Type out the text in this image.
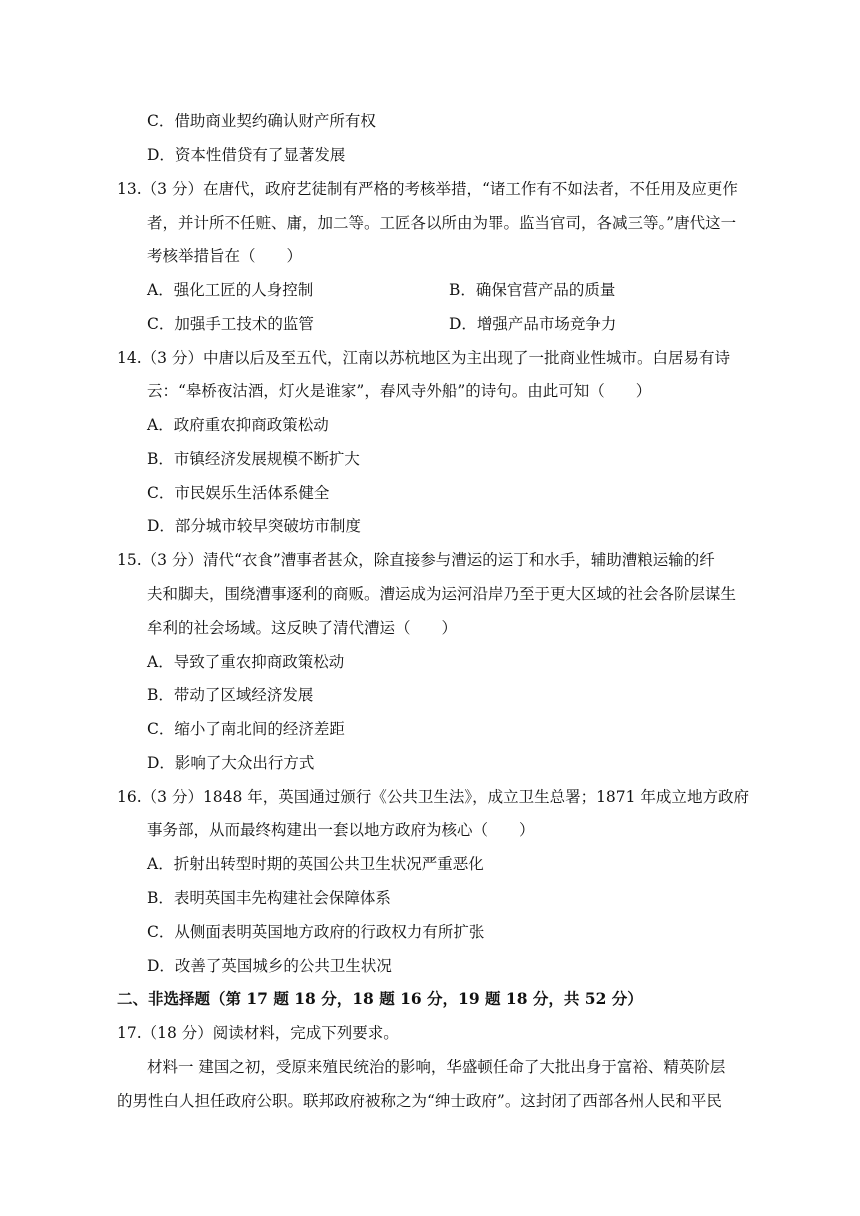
C．借助商业契约确认财产所有权
D．资本性借贷有了显著发展
13.（3 分）在唐代，政府艺徒制有严格的考核举措，“诸工作有不如法者，不任用及应更作
者，并计所不任赃、庸，加二等。工匠各以所由为罪。监当官司，各减三等。”唐代这一
考核举措旨在（　　）
A．强化工匠的人身控制	B．确保官营产品的质量
C．加强手工技术的监管	D．增强产品市场竞争力
14.（3 分）中唐以后及至五代，江南以苏杭地区为主出现了一批商业性城市。白居易有诗
云：“皋桥夜沽酒，灯火是谁家”，春风寺外船”的诗句。由此可知（　　）
A．政府重农抑商政策松动
B．市镇经济发展规模不断扩大
C．市民娱乐生活体系健全
D．部分城市较早突破坊市制度
15.（3 分）清代“衣食”漕事者甚众，除直接参与漕运的运丁和水手，辅助漕粮运输的纤
夫和脚夫，围绕漕事逐利的商贩。漕运成为运河沿岸乃至于更大区域的社会各阶层谋生
牟利的社会场域。这反映了清代漕运（　　）
A．导致了重农抑商政策松动
B．带动了区域经济发展
C．缩小了南北间的经济差距
D．影响了大众出行方式
16.（3 分）1848 年，英国通过颁行《公共卫生法》，成立卫生总署；1871 年成立地方政府
事务部，从而最终构建出一套以地方政府为核心（　　）
A．折射出转型时期的英国公共卫生状况严重恶化
B．表明英国丰先构建社会保障体系
C．从侧面表明英国地方政府的行政权力有所扩张
D．改善了英国城乡的公共卫生状况
二、非选择题（第 17 题 18 分，18 题 16 分，19 题 18 分，共 52 分）
17.（18 分）阅读材料，完成下列要求。
材料一 建国之初，受原来殖民统治的影响，华盛顿任命了大批出身于富裕、精英阶层
的男性白人担任政府公职。联邦政府被称之为“绅士政府”。这封闭了西部各州人民和平民
